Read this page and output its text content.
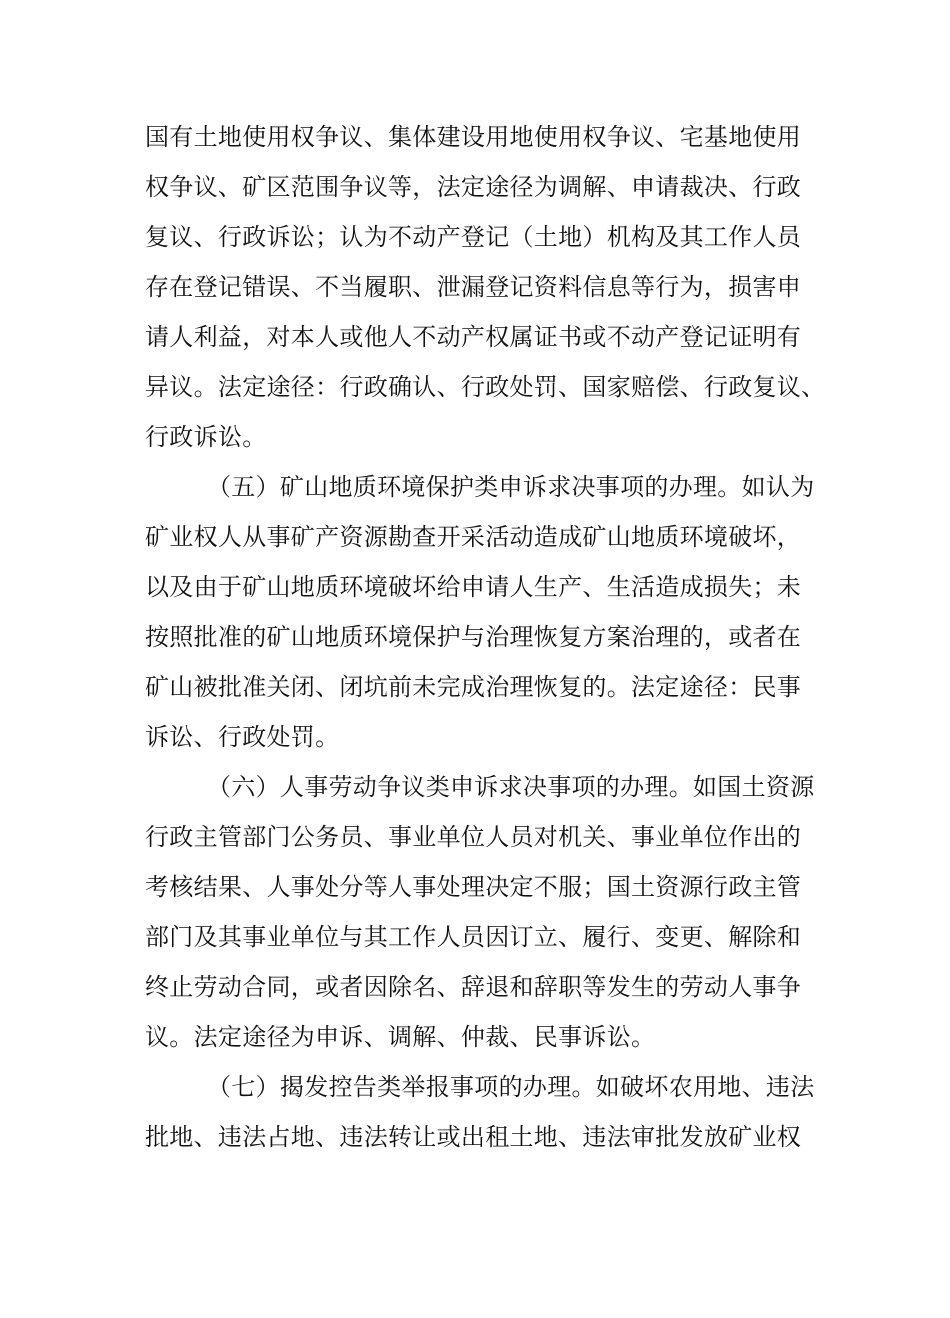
国有土地使用权争议、集体建设用地使用权争议、宅基地使用
权争议、矿区范围争议等，法定途径为调解、申请裁决、行政
复议、行政诉讼；认为不动产登记（土地）机构及其工作人员
存在登记错误、不当履职、泄漏登记资料信息等行为，损害申
请人利益，对本人或他人不动产权属证书或不动产登记证明有
异议。法定途径：行政确认、行政处罚、国家赔偿、行政复议、
行政诉讼。
（五）矿山地质环境保护类申诉求决事项的办理。如认为
矿业权人从事矿产资源勘查开采活动造成矿山地质环境破坏，
以及由于矿山地质环境破坏给申请人生产、生活造成损失；未
按照批准的矿山地质环境保护与治理恢复方案治理的，或者在
矿山被批准关闭、闭坑前未完成治理恢复的。法定途径：民事
诉讼、行政处罚。
（六）人事劳动争议类申诉求决事项的办理。如国土资源
行政主管部门公务员、事业单位人员对机关、事业单位作出的
考核结果、人事处分等人事处理决定不服；国土资源行政主管
部门及其事业单位与其工作人员因订立、履行、变更、解除和
终止劳动合同，或者因除名、辞退和辞职等发生的劳动人事争
议。法定途径为申诉、调解、仲裁、民事诉讼。
（七）揭发控告类举报事项的办理。如破坏农用地、违法
批地、违法占地、违法转让或出租土地、违法审批发放矿业权
